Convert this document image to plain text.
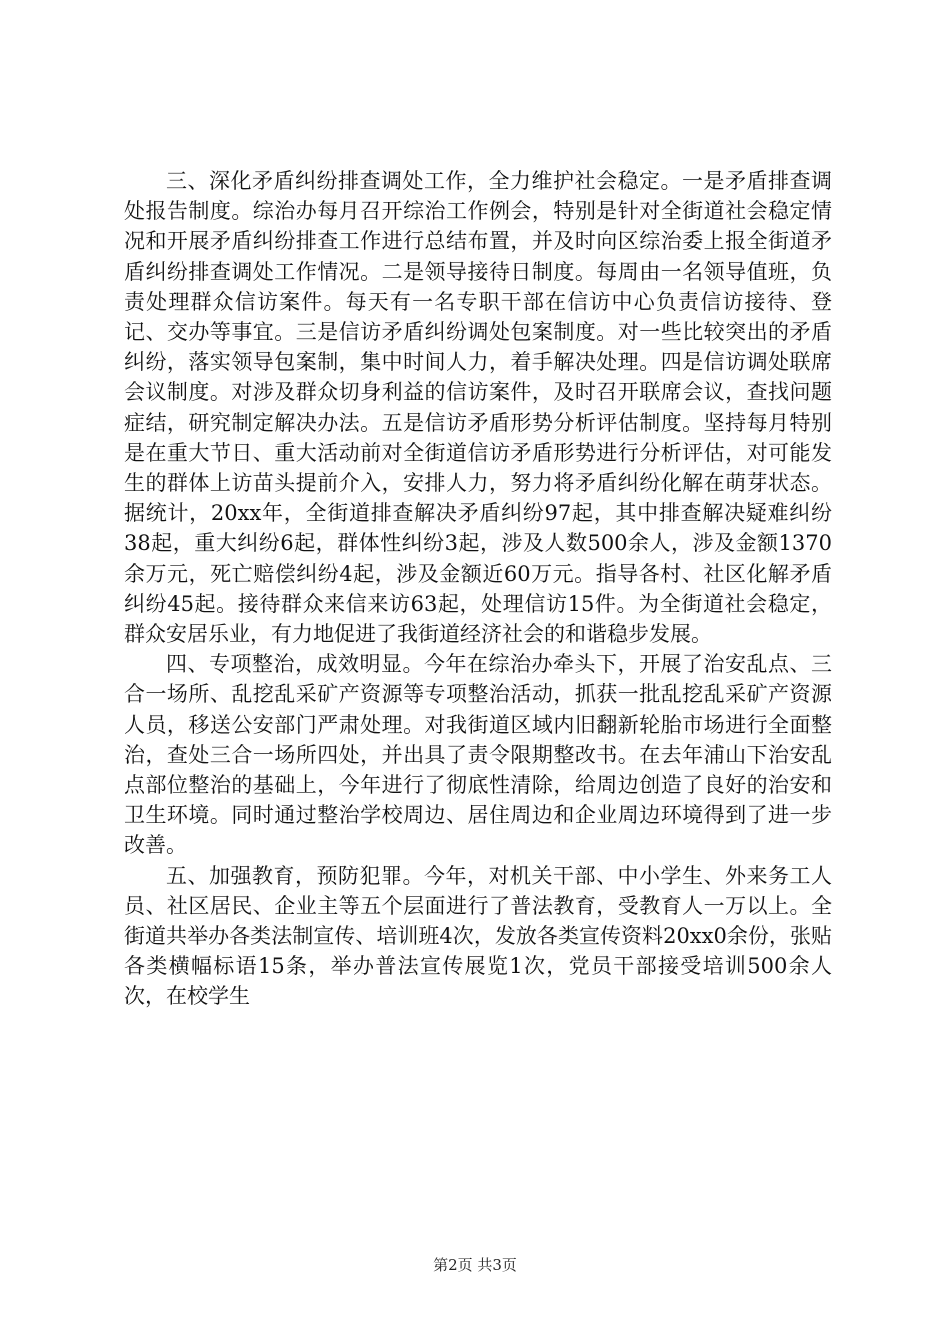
三、深化矛盾纠纷排查调处工作，全力维护社会稳定。一是矛盾排查调处报告制度。综治办每月召开综治工作例会，特别是针对全街道社会稳定情况和开展矛盾纠纷排查工作进行总结布置，并及时向区综治委上报全街道矛盾纠纷排查调处工作情况。二是领导接待日制度。每周由一名领导值班，负责处理群众信访案件。每天有一名专职干部在信访中心负责信访接待、登记、交办等事宜。三是信访矛盾纠纷调处包案制度。对一些比较突出的矛盾纠纷，落实领导包案制，集中时间人力，着手解决处理。四是信访调处联席会议制度。对涉及群众切身利益的信访案件，及时召开联席会议，查找问题症结，研究制定解决办法。五是信访矛盾形势分析评估制度。坚持每月特别是在重大节日、重大活动前对全街道信访矛盾形势进行分析评估，对可能发生的群体上访苗头提前介入，安排人力，努力将矛盾纠纷化解在萌芽状态。据统计，20xx年，全街道排查解决矛盾纠纷97起，其中排查解决疑难纠纷38起，重大纠纷6起，群体性纠纷3起，涉及人数500余人，涉及金额1370余万元，死亡赔偿纠纷4起，涉及金额近60万元。指导各村、社区化解矛盾纠纷45起。接待群众来信来访63起，处理信访15件。为全街道社会稳定，群众安居乐业，有力地促进了我街道经济社会的和谐稳步发展。

四、专项整治，成效明显。今年在综治办牵头下，开展了治安乱点、三合一场所、乱挖乱采矿产资源等专项整治活动，抓获一批乱挖乱采矿产资源人员，移送公安部门严肃处理。对我街道区域内旧翻新轮胎市场进行全面整治，查处三合一场所四处，并出具了责令限期整改书。在去年浦山下治安乱点部位整治的基础上，今年进行了彻底性清除，给周边创造了良好的治安和卫生环境。同时通过整治学校周边、居住周边和企业周边环境得到了进一步改善。

五、加强教育，预防犯罪。今年，对机关干部、中小学生、外来务工人员、社区居民、企业主等五个层面进行了普法教育，受教育人一万以上。全街道共举办各类法制宣传、培训班4次，发放各类宣传资料20xx0余份，张贴各类横幅标语15条，举办普法宣传展览1次，党员干部接受培训500余人次，在校学生

第2页 共3页
